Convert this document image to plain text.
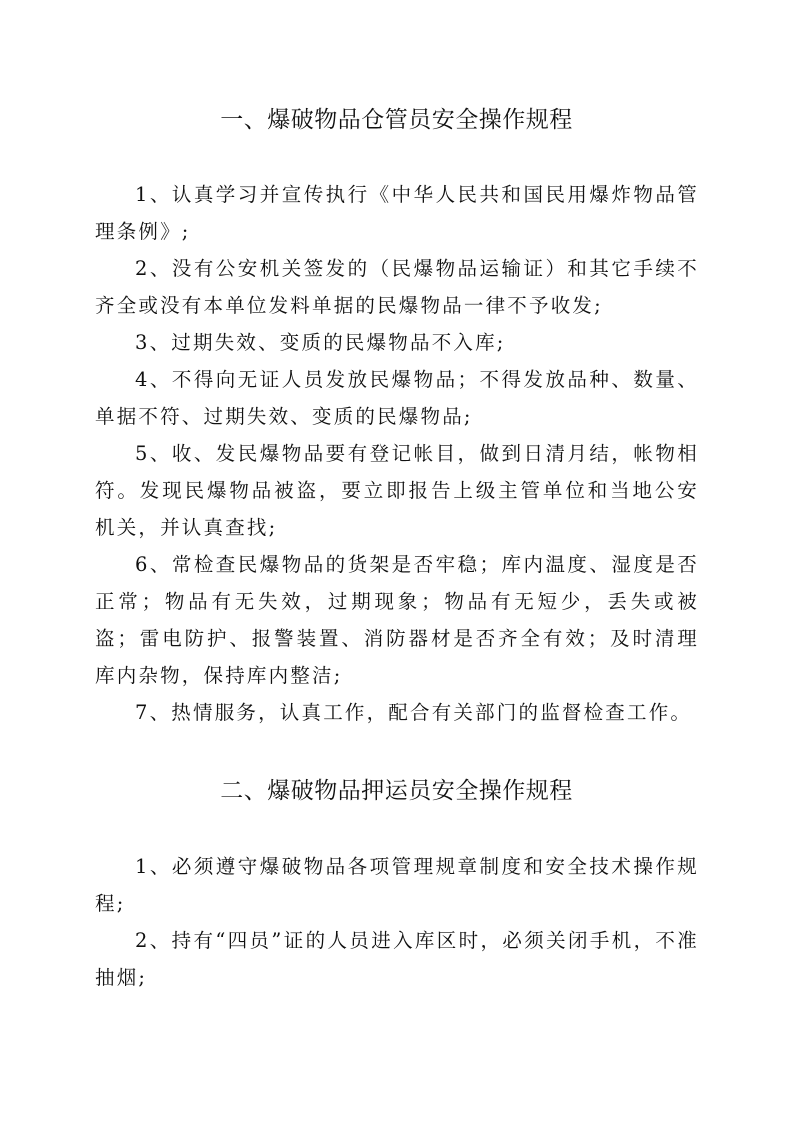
一、爆破物品仓管员安全操作规程

1、认真学习并宣传执行《中华人民共和国民用爆炸物品管理条例》;

2、没有公安机关签发的（民爆物品运输证）和其它手续不齐全或没有本单位发料单据的民爆物品一律不予收发;

3、过期失效、变质的民爆物品不入库;

4、不得向无证人员发放民爆物品；不得发放品种、数量、单据不符、过期失效、变质的民爆物品;

5、收、发民爆物品要有登记帐目，做到日清月结，帐物相符。发现民爆物品被盗，要立即报告上级主管单位和当地公安机关，并认真查找;

6、常检查民爆物品的货架是否牢稳；库内温度、湿度是否正常；物品有无失效，过期现象；物品有无短少，丢失或被盗；雷电防护、报警装置、消防器材是否齐全有效；及时清理库内杂物，保持库内整洁;

7、热情服务，认真工作，配合有关部门的监督检查工作。

二、爆破物品押运员安全操作规程

1、必须遵守爆破物品各项管理规章制度和安全技术操作规程;

2、持有“四员”证的人员进入库区时，必须关闭手机，不准抽烟;
